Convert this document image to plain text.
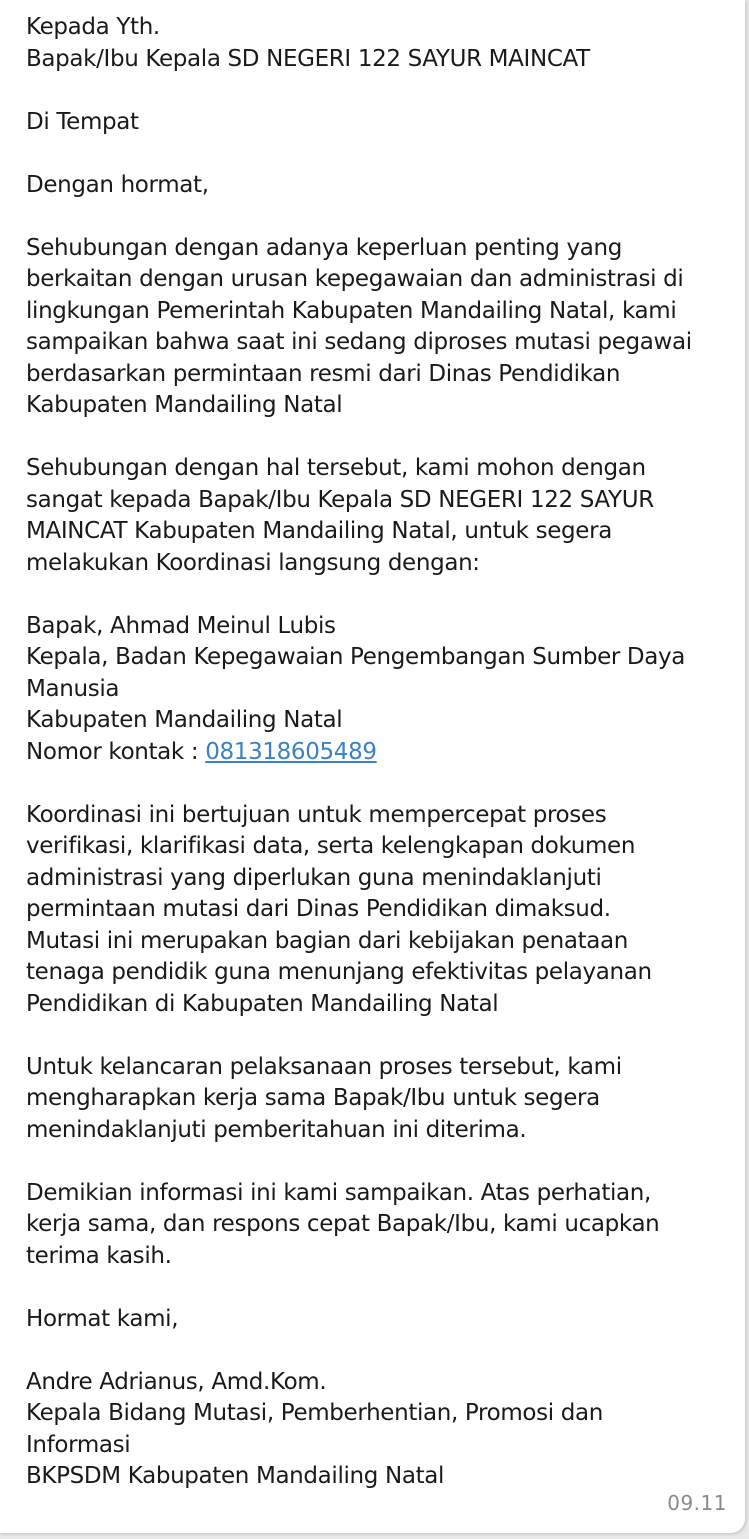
Kepada Yth.
Bapak/Ibu Kepala SD NEGERI 122 SAYUR MAINCAT
Di Tempat
Dengan hormat,
Sehubungan dengan adanya keperluan penting yang
berkaitan dengan urusan kepegawaian dan administrasi di
lingkungan Pemerintah Kabupaten Mandailing Natal, kami
sampaikan bahwa saat ini sedang diproses mutasi pegawai
berdasarkan permintaan resmi dari Dinas Pendidikan
Kabupaten Mandailing Natal
Sehubungan dengan hal tersebut, kami mohon dengan
sangat kepada Bapak/Ibu Kepala SD NEGERI 122 SAYUR
MAINCAT Kabupaten Mandailing Natal, untuk segera
melakukan Koordinasi langsung dengan:
Bapak, Ahmad Meinul Lubis
Kepala, Badan Kepegawaian Pengembangan Sumber Daya
Manusia
Kabupaten Mandailing Natal
Nomor kontak : 081318605489
Koordinasi ini bertujuan untuk mempercepat proses
verifikasi, klarifikasi data, serta kelengkapan dokumen
administrasi yang diperlukan guna menindaklanjuti
permintaan mutasi dari Dinas Pendidikan dimaksud.
Mutasi ini merupakan bagian dari kebijakan penataan
tenaga pendidik guna menunjang efektivitas pelayanan
Pendidikan di Kabupaten Mandailing Natal
Untuk kelancaran pelaksanaan proses tersebut, kami
mengharapkan kerja sama Bapak/Ibu untuk segera
menindaklanjuti pemberitahuan ini diterima.
Demikian informasi ini kami sampaikan. Atas perhatian,
kerja sama, dan respons cepat Bapak/Ibu, kami ucapkan
terima kasih.
Hormat kami,
Andre Adrianus, Amd.Kom.
Kepala Bidang Mutasi, Pemberhentian, Promosi dan
Informasi
BKPSDM Kabupaten Mandailing Natal
09.11
